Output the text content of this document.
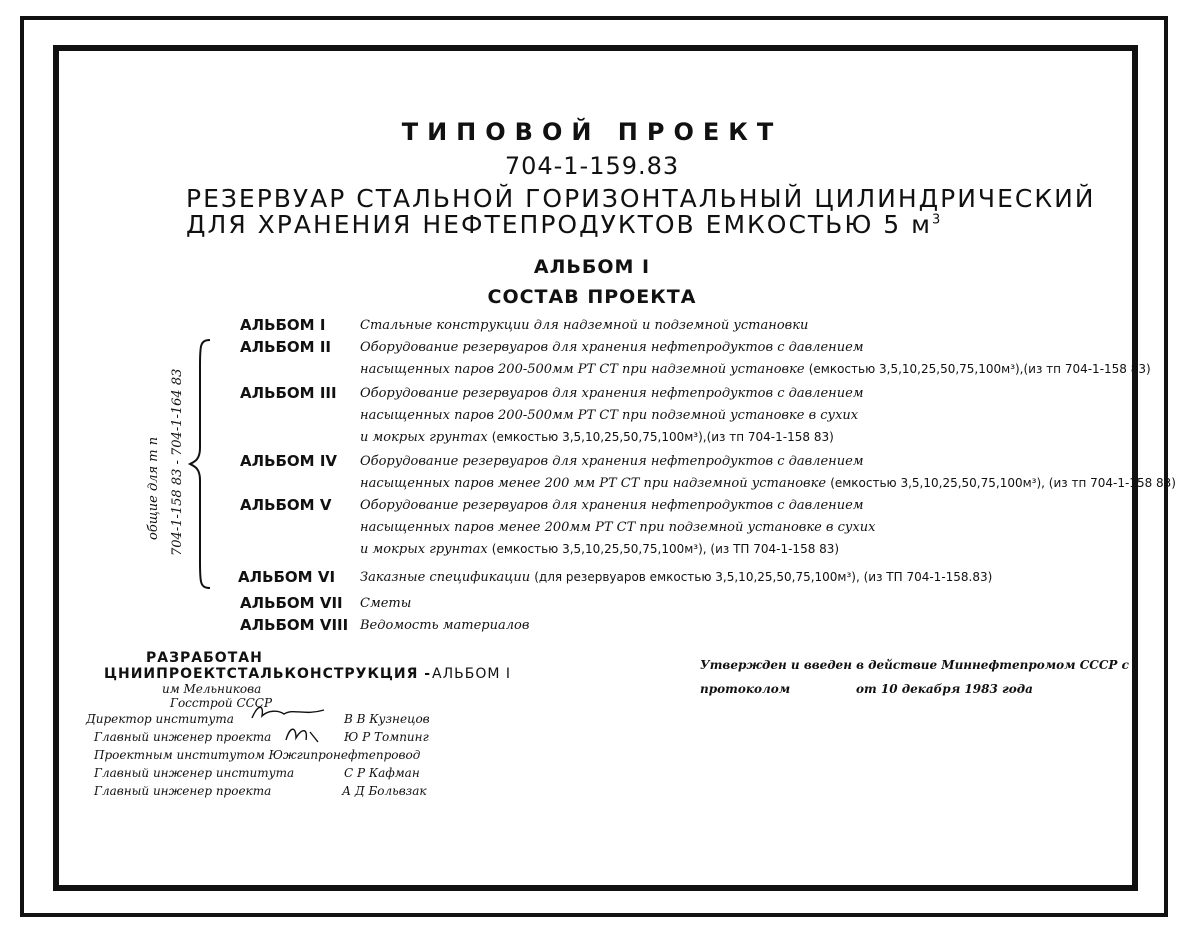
ТИПОВОЙ ПРОЕКТ
704-1-159.83
РЕЗЕРВУАР СТАЛЬНОЙ ГОРИЗОНТАЛЬНЫЙ ЦИЛИНДРИЧЕСКИЙ
ДЛЯ ХРАНЕНИЯ НЕФТЕПРОДУКТОВ ЕМКОСТЬЮ 5 $м^3$
АЛЬБОМ I
СОСТАВ ПРОЕКТА
общие для т п 704-1-158 83 - 704-1-164 83
АЛЬБОМ I	Стальные конструкции для надземной и подземной установки
АЛЬБОМ II Оборудование резервуаров для хранения нефтепродуктов с давлением
насыщенных паров 200-500мм РТ СТ при надземной установке (емкостью 3,5,10,25,50,75,100м³),(из тп 704-1-158 83)
АЛЬБОМ III Оборудование резервуаров для хранения нефтепродуктов с давлением
насыщенных паров 200-500мм РТ СТ при подземной установке в сухих
и мокрых грунтах (емкостью 3,5,10,25,50,75,100м³),(из тп 704-1-158 83)
АЛЬБОМ IV Оборудование резервуаров для хранения нефтепродуктов с давлением
насыщенных паров менее 200 мм РТ СТ при надземной установке (емкостью 3,5,10,25,50,75,100м³), (из тп 704-1-158 83)
АЛЬБОМ V Оборудование резервуаров для хранения нефтепродуктов с давлением
насыщенных паров менее 200мм РТ СТ при подземной установке в сухих
и мокрых грунтах (емкостью 3,5,10,25,50,75,100м³), (из ТП 704-1-158 83)
АЛЬБОМ VI Заказные спецификации (для резервуаров емкостью 3,5,10,25,50,75,100м³), (из ТП 704-1-158.83)
АЛЬБОМ VII Сметы
АЛЬБОМ VIII Ведомость материалов
РАЗРАБОТАН
ЦНИИПРОЕКТСТАЛЬКОНСТРУКЦИЯ - АЛЬБОМ I
им Мельникова
Госстрой СССР
Директор института	В В Кузнецов
Главный инженер проекта	Ю Р Томпинг
Проектным институтом Южгипронефтепровод
Главный инженер института	С Р Кафман
Главный инженер проекта	А Д Больвзак
Утвержден и введен в действие Миннефтепромом СССР с
протоколом	от 10 декабря 1983 года
